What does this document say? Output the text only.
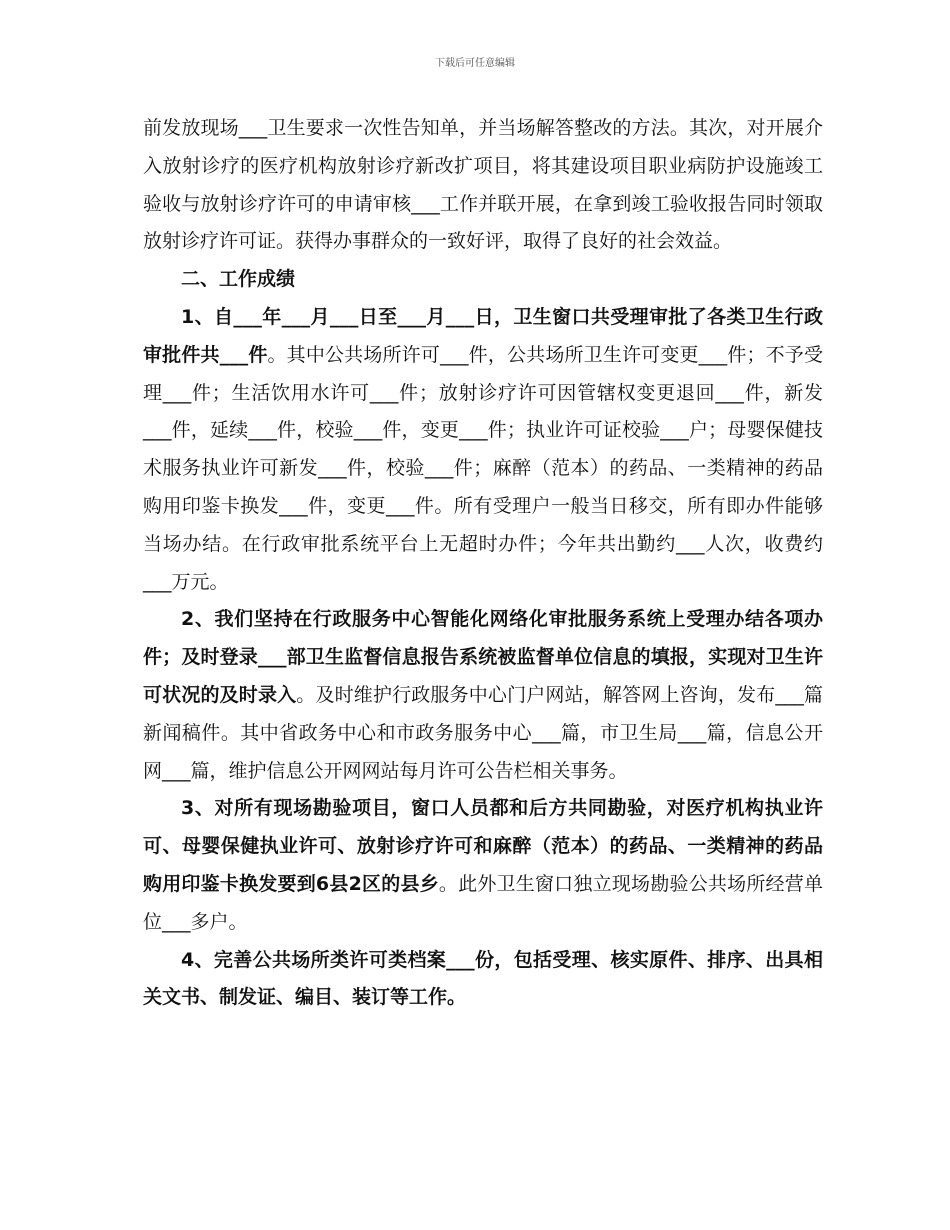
下载后可任意编辑

前发放现场___卫生要求一次性告知单，并当场解答整改的方法。其次，对开展介入放射诊疗的医疗机构放射诊疗新改扩项目，将其建设项目职业病防护设施竣工验收与放射诊疗许可的申请审核___工作并联开展，在拿到竣工验收报告同时领取放射诊疗许可证。获得办事群众的一致好评，取得了良好的社会效益。

二、工作成绩

1、自___年___月___日至___月___日，卫生窗口共受理审批了各类卫生行政审批件共___件。其中公共场所许可___件，公共场所卫生许可变更___件；不予受理___件；生活饮用水许可___件；放射诊疗许可因管辖权变更退回___件，新发___件，延续___件，校验___件，变更___件；执业许可证校验___户；母婴保健技术服务执业许可新发___件，校验___件；麻醉（范本）的药品、一类精神的药品购用印鉴卡换发___件，变更___件。所有受理户一般当日移交，所有即办件能够当场办结。在行政审批系统平台上无超时办件；今年共出勤约___人次，收费约___万元。

2、我们坚持在行政服务中心智能化网络化审批服务系统上受理办结各项办件；及时登录___部卫生监督信息报告系统被监督单位信息的填报，实现对卫生许可状况的及时录入。及时维护行政服务中心门户网站，解答网上咨询，发布___篇新闻稿件。其中省政务中心和市政务服务中心___篇，市卫生局___篇，信息公开网___篇，维护信息公开网网站每月许可公告栏相关事务。

3、对所有现场勘验项目，窗口人员都和后方共同勘验，对医疗机构执业许可、母婴保健执业许可、放射诊疗许可和麻醉（范本）的药品、一类精神的药品购用印鉴卡换发要到6县2区的县乡。此外卫生窗口独立现场勘验公共场所经营单位___多户。

4、完善公共场所类许可类档案___份，包括受理、核实原件、排序、出具相关文书、制发证、编目、装订等工作。
